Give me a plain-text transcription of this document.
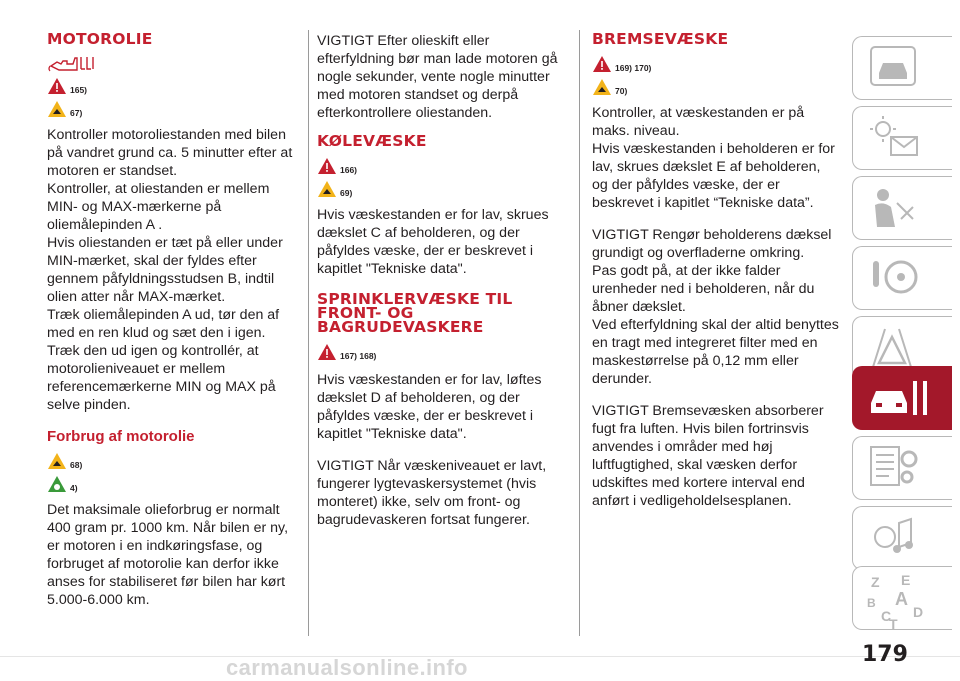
MOTOROLIE
165)
67)

Kontroller motoroliestanden med bilen på vandret grund ca. 5 minutter efter at motoren er standset.

Kontroller, at oliestanden er mellem MIN- og MAX-mærkerne på oliemålepinden A .

Hvis oliestanden er tæt på eller under MIN-mærket, skal der fyldes efter gennem påfyldningsstudsen B, indtil olien atter når MAX-mærket.

Træk oliemålepinden A ud, tør den af med en ren klud og sæt den i igen.

Træk den ud igen og kontrollér, at motorolieniveauet er mellem referencemærkerne MIN og MAX på selve pinden.

Forbrug af motorolie
68)
4)

Det maksimale olieforbrug er normalt 400 gram pr. 1000 km. Når bilen er ny, er motoren i en indkøringsfase, og forbruget af motorolie kan derfor ikke anses for stabiliseret før bilen har kørt 5.000-6.000 km.

VIGTIGT Efter olieskift eller efterfyldning bør man lade motoren gå nogle sekunder, vente nogle minutter med motoren standset og derpå efterkontrollere oliestanden.

KØLEVÆSKE
166)
69)

Hvis væskestanden er for lav, skrues dækslet C af beholderen, og der påfyldes væske, der er beskrevet i kapitlet "Tekniske data".

SPRINKLERVÆSKE TIL
FRONT- OG
BAGRUDEVASKERE
167) 168)

Hvis væskestanden er for lav, løftes dækslet D af beholderen, og der påfyldes væske, der er beskrevet i kapitlet "Tekniske data".

VIGTIGT Når væskeniveauet er lavt, fungerer lygtevaskersystemet (hvis monteret) ikke, selv om front- og bagrudevaskeren fortsat fungerer.

BREMSEVÆSKE
169) 170)
70)

Kontroller, at væskestanden er på maks. niveau.

Hvis væskestanden i beholderen er for lav, skrues dækslet E af beholderen, og der påfyldes væske, der er beskrevet i kapitlet “Tekniske data”.

VIGTIGT Rengør beholderens dæksel grundigt og overfladerne omkring.

Pas godt på, at der ikke falder urenheder ned i beholderen, når du åbner dækslet.

Ved efterfyldning skal der altid benyttes en tragt med integreret filter med en maskestørrelse på 0,12 mm eller derunder.

VIGTIGT Bremsevæsken absorberer fugt fra luften. Hvis bilen fortrinsvis anvendes i områder med høj luftfugtighed, skal væsken derfor udskiftes med kortere interval end anført i vedligeholdelsesplanen.

Z E
B A
C
T
D
carmanualsonline.info
179
